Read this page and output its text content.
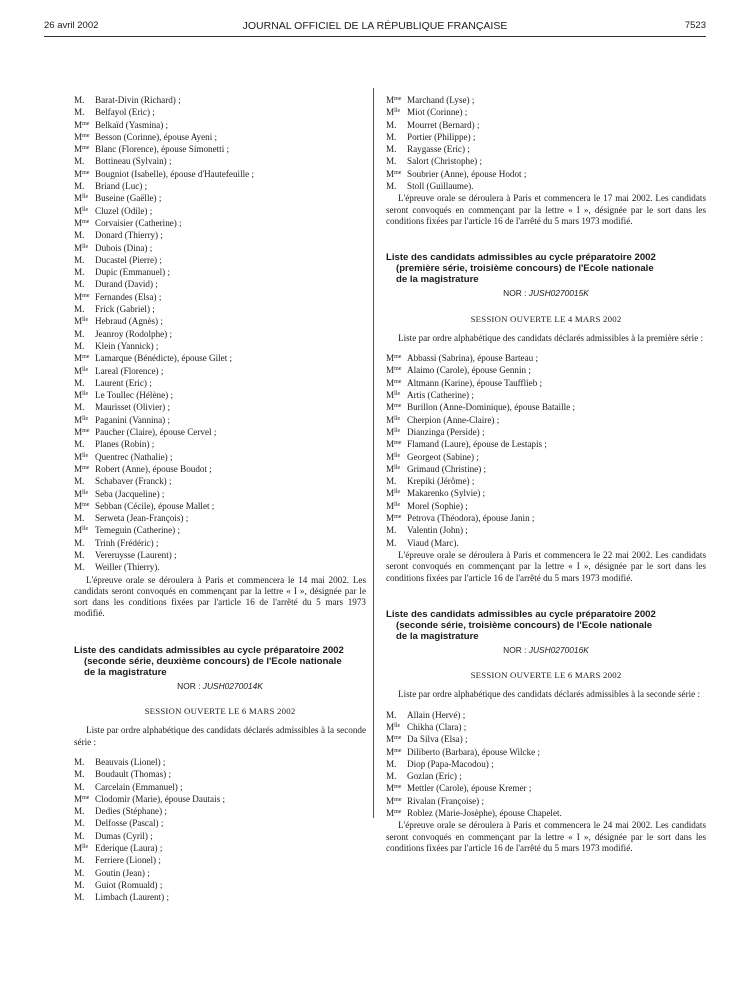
26 avril 2002	JOURNAL OFFICIEL DE LA RÉPUBLIQUE FRANÇAISE	7523
M. Barat-Divin (Richard) ;
M. Belfayol (Eric) ;
$M^{me}$ Belkaïd (Yasmina) ;
$M^{me}$ Besson (Corinne), épouse Ayeni ;
$M^{me}$ Blanc (Florence), épouse Simonetti ;
M. Bottineau (Sylvain) ;
$M^{me}$ Bougniot (Isabelle), épouse d'Hautefeuille ;
M. Briand (Luc) ;
$M^{lle}$ Buseine (Gaëlle) ;
$M^{lle}$ Cluzel (Odile) ;
$M^{me}$ Corvaisier (Catherine) ;
M. Donard (Thierry) ;
$M^{lle}$ Dubois (Dina) ;
M. Ducastel (Pierre) ;
M. Dupic (Emmanuel) ;
M. Durand (David) ;
$M^{me}$ Fernandes (Elsa) ;
M. Frick (Gabriel) ;
$M^{lle}$ Hebraud (Agnès) ;
M. Jeanroy (Rodolphe) ;
M. Klein (Yannick) ;
$M^{me}$ Lamarque (Bénédicte), épouse Gilet ;
$M^{lle}$ Lareal (Florence) ;
M. Laurent (Eric) ;
$M^{lle}$ Le Toullec (Hélène) ;
M. Maurisset (Olivier) ;
$M^{lle}$ Paganini (Vannina) ;
$M^{me}$ Paucher (Claire), épouse Cervel ;
M. Planes (Robin) ;
$M^{lle}$ Quentrec (Nathalie) ;
$M^{me}$ Robert (Anne), épouse Boudot ;
M. Schabaver (Franck) ;
$M^{lle}$ Seba (Jacqueline) ;
$M^{me}$ Sebban (Cécile), épouse Mallet ;
M. Serweta (Jean-François) ;
$M^{lle}$ Temeguin (Catherine) ;
M. Trinh (Frédéric) ;
M. Vereruysse (Laurent) ;
M. Weiller (Thierry).
L'épreuve orale se déroulera à Paris et commencera le 14 mai 2002. Les candidats seront convoqués en commençant par la lettre « I », désignée par le sort dans les conditions fixées par l'article 16 de l'arrêté du 5 mars 1973 modifié.
Liste des candidats admissibles au cycle préparatoire 2002
(seconde série, deuxième concours) de l'Ecole nationale
de la magistrature
NOR : JUSH0270014K
SESSION OUVERTE LE 6 MARS 2002
Liste par ordre alphabétique des candidats déclarés admissibles à la seconde série :
M. Beauvais (Lionel) ;
M. Boudault (Thomas) ;
M. Carcelain (Emmanuel) ;
$M^{me}$ Clodomir (Marie), épouse Dautais ;
M. Dedies (Stéphane) ;
M. Delfosse (Pascal) ;
M. Dumas (Cyril) ;
$M^{lle}$ Ederique (Laura) ;
M. Ferriere (Lionel) ;
M. Goutin (Jean) ;
M. Guiot (Romuald) ;
M. Limbach (Laurent) ;
$M^{me}$ Marchand (Lyse) ;
$M^{lle}$ Miot (Corinne) ;
M. Mourret (Bernard) ;
M. Portier (Philippe) ;
M. Raygasse (Eric) ;
M. Salort (Christophe) ;
$M^{me}$ Soubrier (Anne), épouse Hodot ;
M. Stoll (Guillaume).
L'épreuve orale se déroulera à Paris et commencera le 17 mai 2002. Les candidats seront convoqués en commençant par la lettre « I », désignée par le sort dans les conditions fixées par l'article 16 de l'arrêté du 5 mars 1973 modifié.
Liste des candidats admissibles au cycle préparatoire 2002
(première série, troisième concours) de l'Ecole nationale
de la magistrature
NOR : JUSH0270015K
SESSION OUVERTE LE 4 MARS 2002
Liste par ordre alphabétique des candidats déclarés admissibles à la première série :
$M^{me}$ Abbassi (Sabrina), épouse Barteau ;
$M^{me}$ Alaimo (Carole), épouse Gennin ;
$M^{me}$ Altmann (Karine), épouse Taufflieb ;
$M^{lle}$ Artis (Catherine) ;
$M^{me}$ Burillon (Anne-Dominique), épouse Bataille ;
$M^{lle}$ Cherpion (Anne-Claire) ;
$M^{lle}$ Dianzinga (Perside) ;
$M^{me}$ Flamand (Laure), épouse de Lestapis ;
$M^{lle}$ Georgeot (Sabine) ;
$M^{lle}$ Grimaud (Christine) ;
M. Krepiki (Jérôme) ;
$M^{lle}$ Makarenko (Sylvie) ;
$M^{lle}$ Morel (Sophie) ;
$M^{me}$ Petrova (Théodora), épouse Janin ;
M. Valentin (John) ;
M. Viaud (Marc).
L'épreuve orale se déroulera à Paris et commencera le 22 mai 2002. Les candidats seront convoqués en commençant par la lettre « I », désignée par le sort dans les conditions fixées par l'article 16 de l'arrêté du 5 mars 1973 modifié.
Liste des candidats admissibles au cycle préparatoire 2002
(seconde série, troisième concours) de l'Ecole nationale
de la magistrature
NOR : JUSH0270016K
SESSION OUVERTE LE 6 MARS 2002
Liste par ordre alphabétique des candidats déclarés admissibles à la seconde série :
M. Allain (Hervé) ;
$M^{lle}$ Chikha (Clara) ;
$M^{me}$ Da Silva (Elsa) ;
$M^{me}$ Diliberto (Barbara), épouse Wilcke ;
M. Diop (Papa-Macodou) ;
M. Gozlan (Eric) ;
$M^{me}$ Mettler (Carole), épouse Kremer ;
$M^{me}$ Rivalan (Françoise) ;
$M^{me}$ Roblez (Marie-Josèphe), épouse Chapelet.
L'épreuve orale se déroulera à Paris et commencera le 24 mai 2002. Les candidats seront convoqués en commençant par la lettre « I », désignée par le sort dans les conditions fixées par l'article 16 de l'arrêté du 5 mars 1973 modifié.
